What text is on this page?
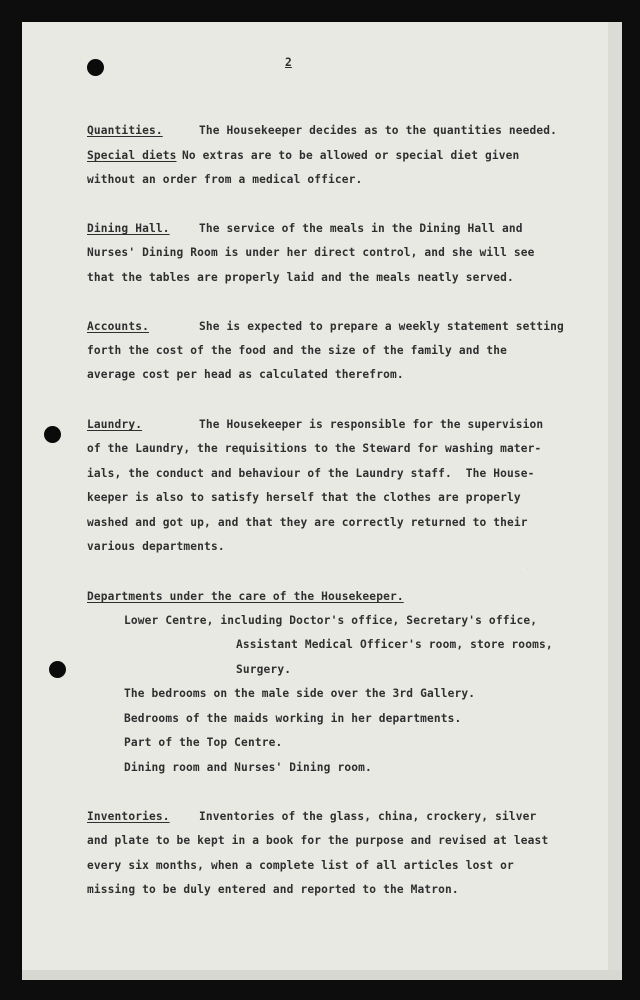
2
Quantities.	The Housekeeper decides as to the quantities needed.
Special diets No extras are to be allowed or special diet given
without an order from a medical officer.
Dining Hall.	The service of the meals in the Dining Hall and
Nurses' Dining Room is under her direct control, and she will see
that the tables are properly laid and the meals neatly served.
Accounts.	She is expected to prepare a weekly statement setting
forth the cost of the food and the size of the family and the
average cost per head as calculated therefrom.
Laundry.	The Housekeeper is responsible for the supervision
of the Laundry, the requisitions to the Steward for washing mater-
ials, the conduct and behaviour of the Laundry staff.  The House-
keeper is also to satisfy herself that the clothes are properly
washed and got up, and that they are correctly returned to their
various departments.
·
Departments under the care of the Housekeeper.
Lower Centre, including Doctor's office, Secretary's office,
Assistant Medical Officer's room, store rooms,
Surgery.
The bedrooms on the male side over the 3rd Gallery.
Bedrooms of the maids working in her departments.
Part of the Top Centre.
Dining room and Nurses' Dining room.
Inventories.	Inventories of the glass, china, crockery, silver
and plate to be kept in a book for the purpose and revised at least
every six months, when a complete list of all articles lost or
missing to be duly entered and reported to the Matron.
